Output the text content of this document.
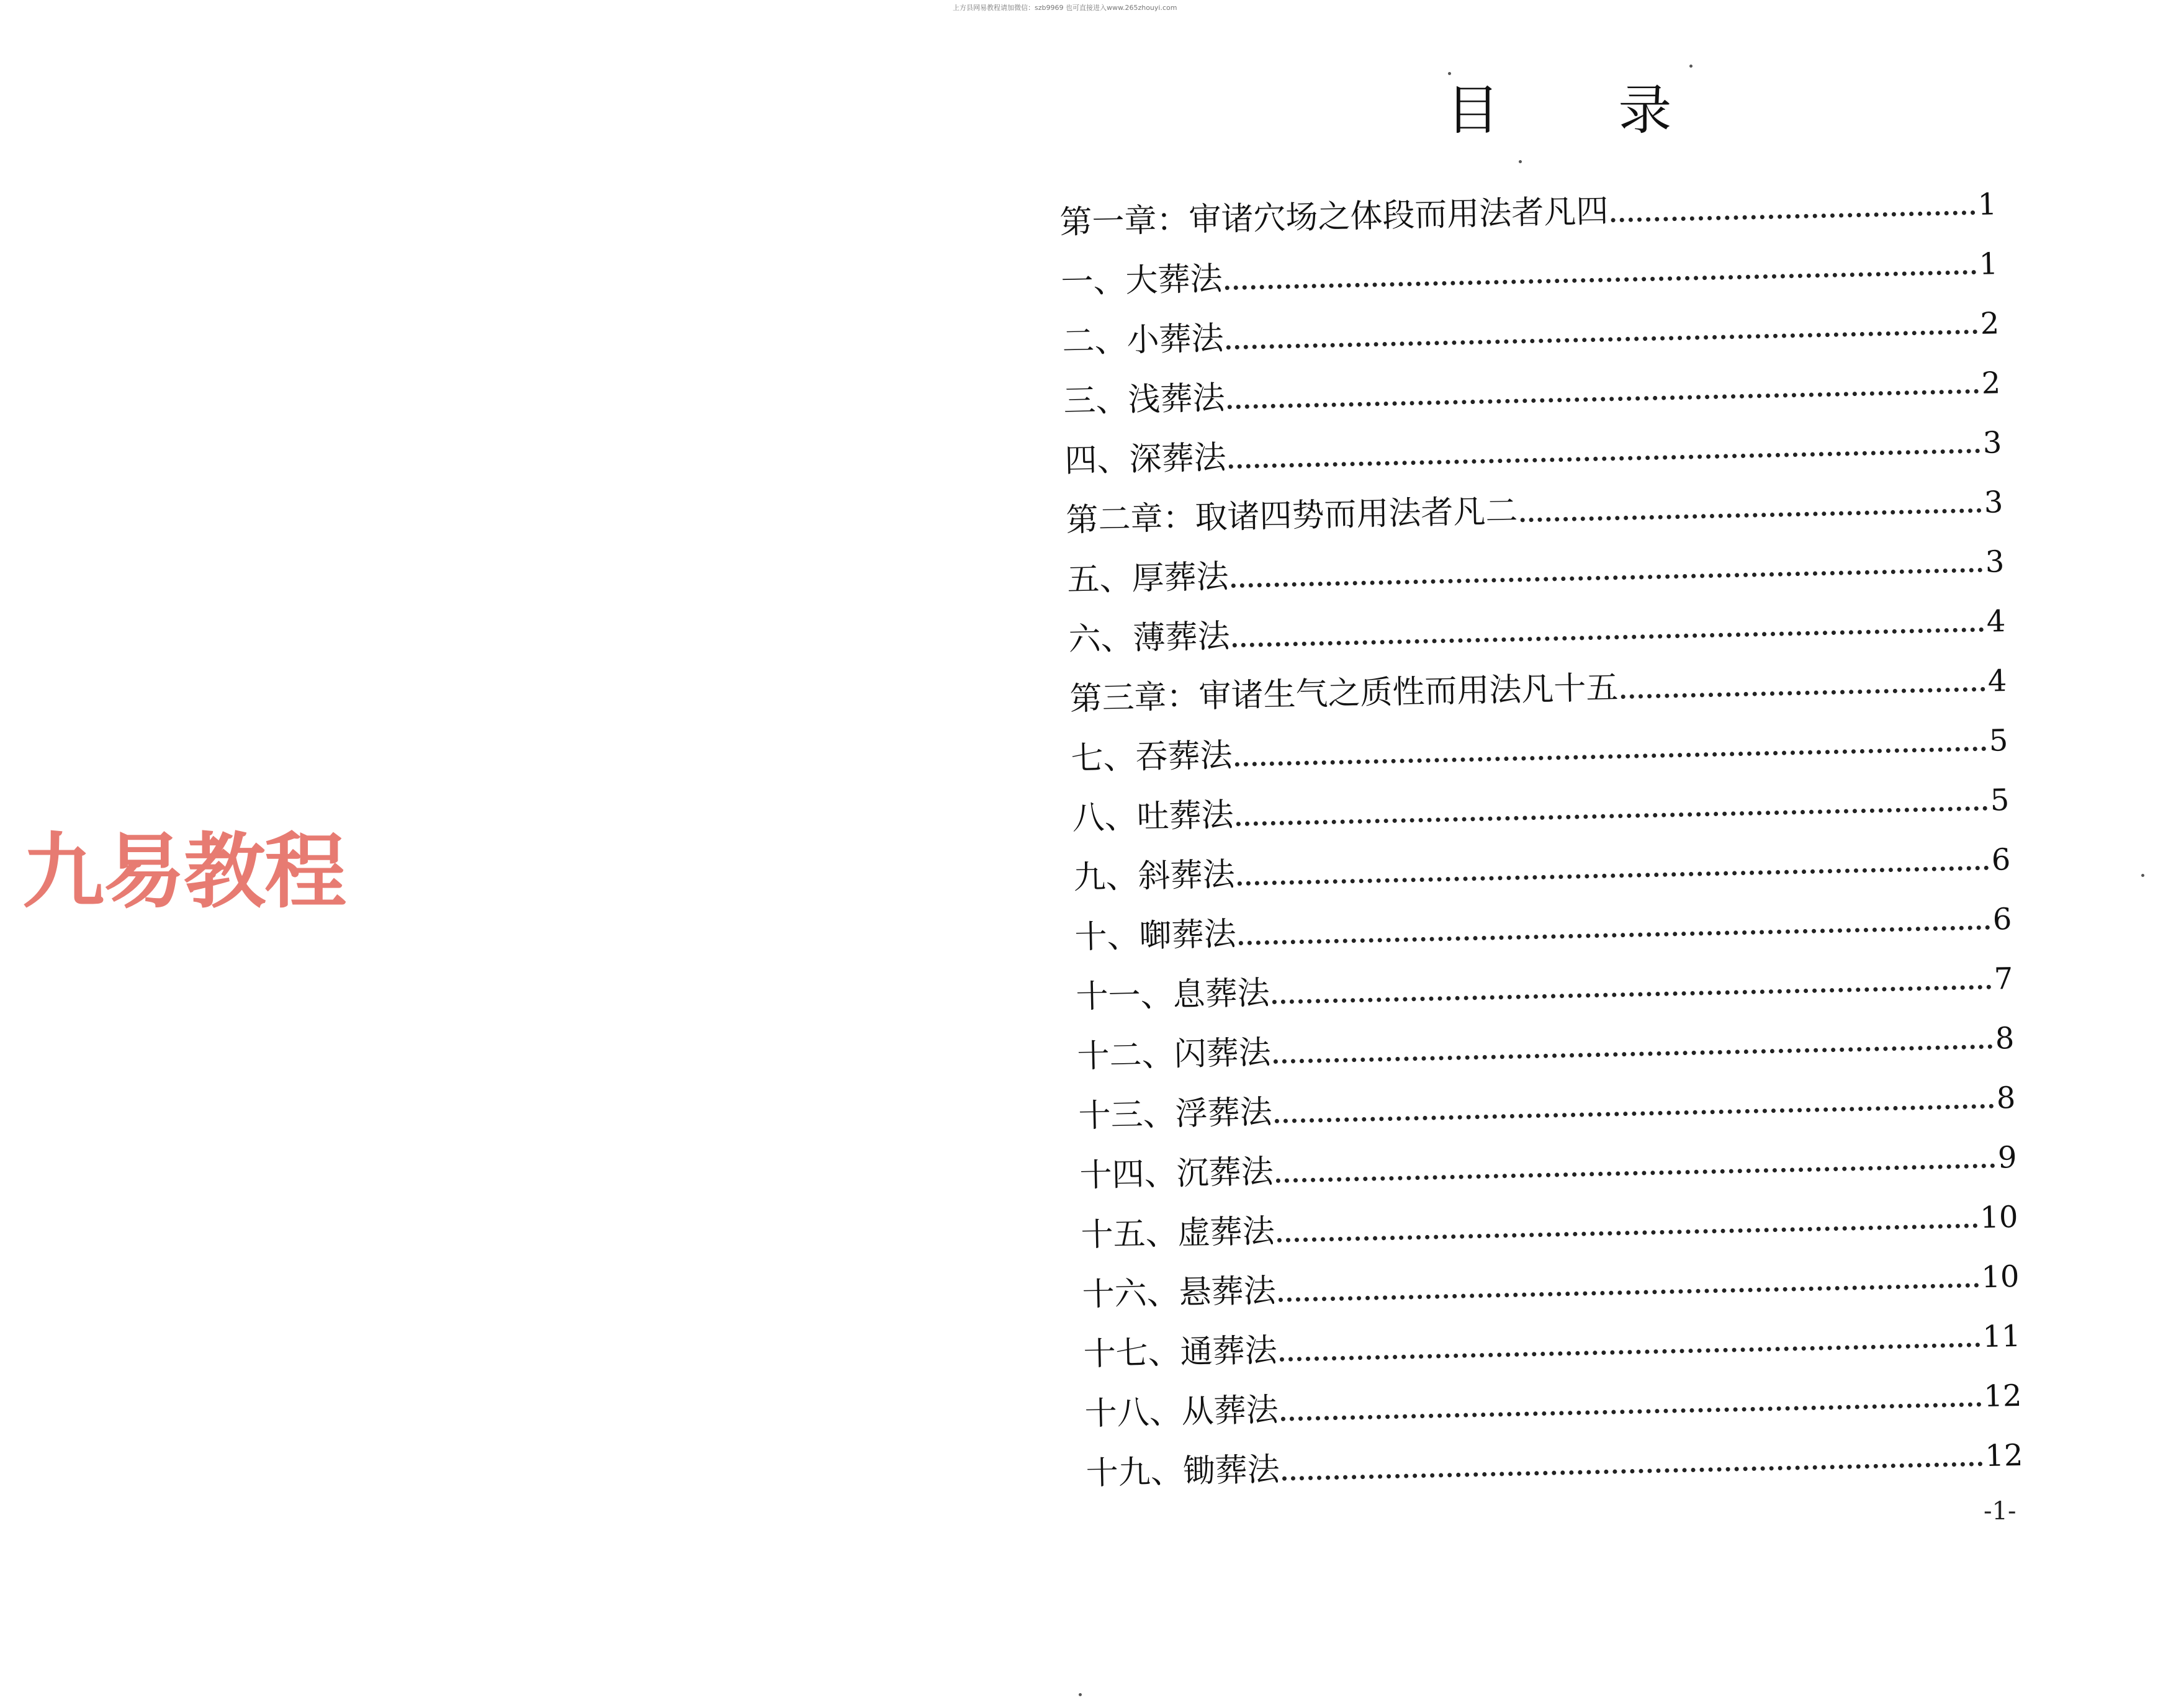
上方县网易教程请加微信：szb9969 也可直接进入www.265zhouyi.com
九易教程
目 录
第一章：审诸穴场之体段而用法者凡四	1
一、大葬法	1
二、小葬法	2
三、浅葬法	2
四、深葬法	3
第二章：取诸四势而用法者凡二	3
五、厚葬法	3
六、薄葬法	4
第三章：审诸生气之质性而用法凡十五	4
七、吞葬法	5
八、吐葬法	5
九、斜葬法	6
十、啣葬法	6
十一、息葬法	7
十二、闪葬法	8
十三、浮葬法	8
十四、沉葬法	9
十五、虚葬法	10
十六、悬葬法	10
十七、通葬法	11
十八、从葬法	12
十九、锄葬法	12
-1-
